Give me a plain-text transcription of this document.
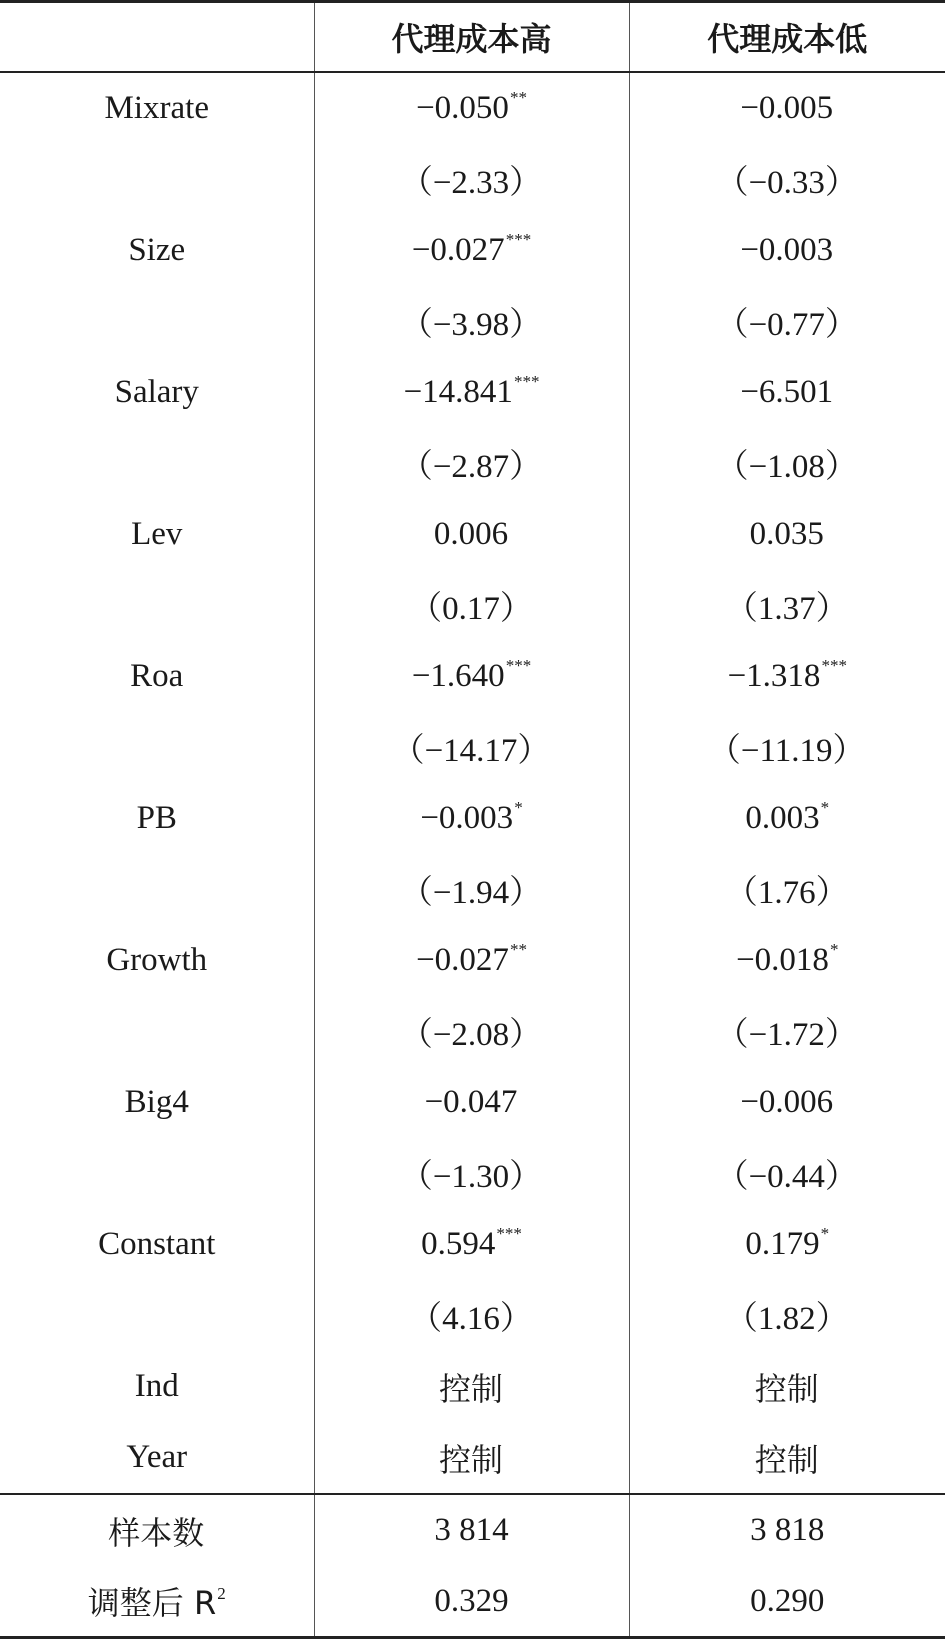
	代理成本高	代理成本低
Mixrate	−0.050**	−0.005
	（−2.33）	（−0.33）
Size	−0.027***	−0.003
	（−3.98）	（−0.77）
Salary	−14.841***	−6.501
	（−2.87）	（−1.08）
Lev	0.006	0.035
	（0.17）	（1.37）
Roa	−1.640***	−1.318***
	（−14.17）	（−11.19）
PB	−0.003*	0.003*
	（−1.94）	（1.76）
Growth	−0.027**	−0.018*
	（−2.08）	（−1.72）
Big4	−0.047	−0.006
	（−1.30）	（−0.44）
Constant	0.594***	0.179*
	（4.16）	（1.82）
Ind	控制	控制
Year	控制	控制
样本数	3 814	3 818
调整后 $R^2$	0.329	0.290
